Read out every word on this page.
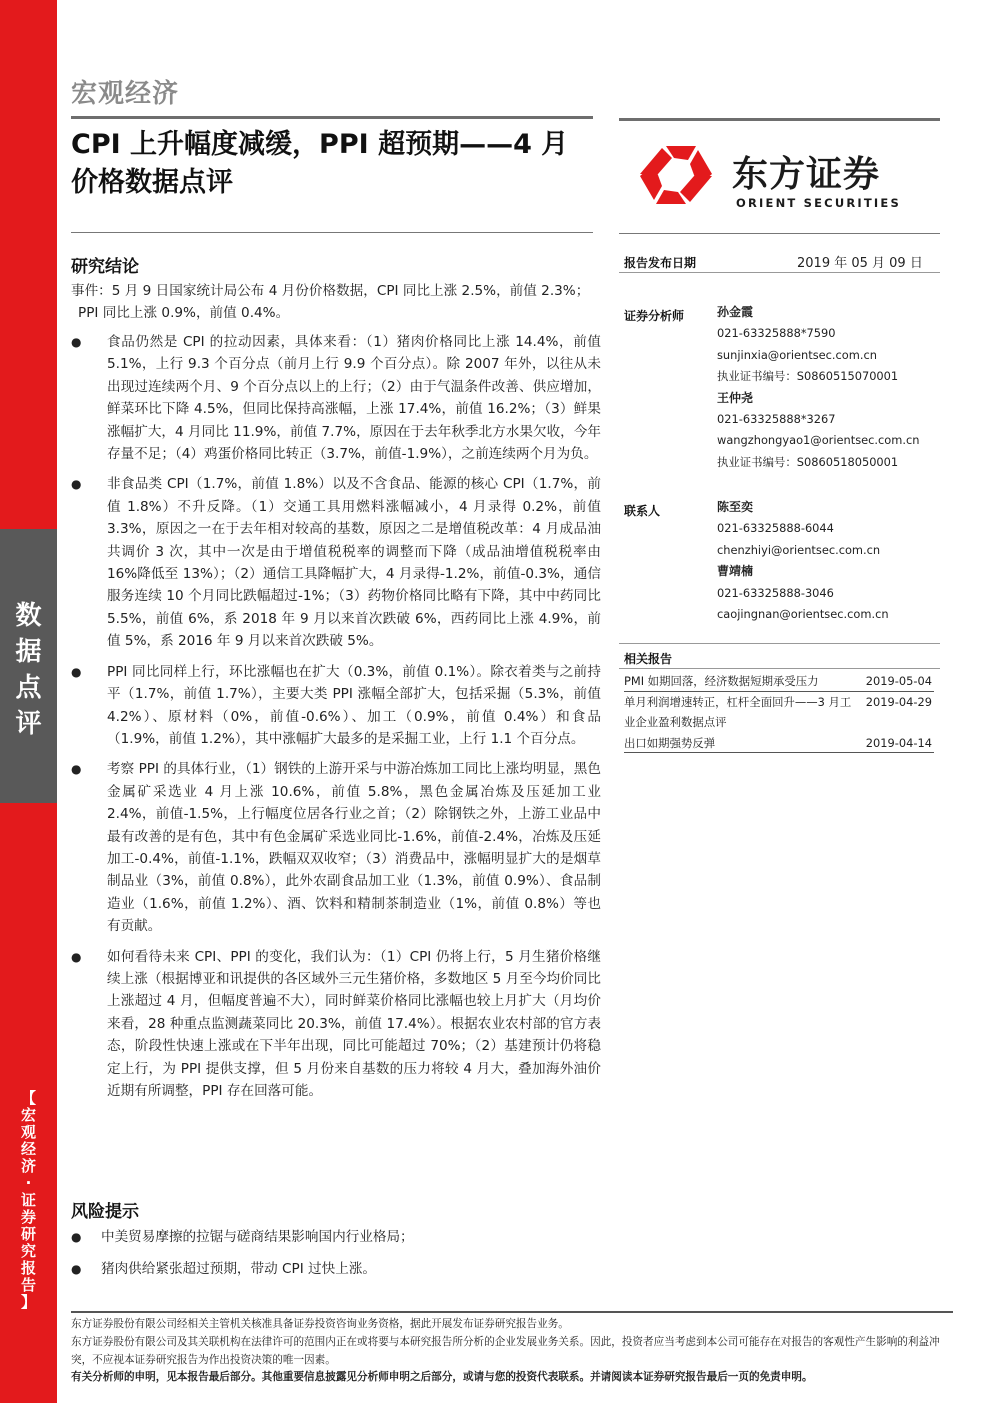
数
据
点
评
【
宏
观
经
济
·
证
券
研
究
报
告
】
宏观经济
CPI 上升幅度减缓，PPI 超预期——4 月
价格数据点评	东方证券
ORIENT SECURITIES
研究结论
事件：5 月 9 日国家统计局公布 4 月份价格数据，CPI 同比上涨 2.5%，前值 2.3%；
PPI 同比上涨 0.9%，前值 0.4%。
● 食品仍然是 CPI 的拉动因素，具体来看：（1）猪肉价格同比上涨 14.4%，前值 5.1%，上行 9.3 个百分点（前月上行 9.9 个百分点）。除 2007 年外，以往从未出现过连续两个月、9 个百分点以上的上行；（2）由于气温条件改善、供应增加，鲜菜环比下降 4.5%，但同比保持高涨幅，上涨 17.4%，前值 16.2%；（3）鲜果涨幅扩大，4 月同比 11.9%，前值 7.7%，原因在于去年秋季北方水果欠收，今年存量不足；（4）鸡蛋价格同比转正（3.7%，前值-1.9%），之前连续两个月为负。
● 非食品类 CPI（1.7%，前值 1.8%）以及不含食品、能源的核心 CPI（1.7%，前值 1.8%）不升反降。（1）交通工具用燃料涨幅减小，4 月录得 0.2%，前值 3.3%，原因之一在于去年相对较高的基数，原因之二是增值税改革：4 月成品油共调价 3 次，其中一次是由于增值税税率的调整而下降（成品油增值税税率由 16%降低至 13%）；（2）通信工具降幅扩大，4 月录得-1.2%，前值-0.3%，通信服务连续 10 个月同比跌幅超过-1%；（3）药物价格同比略有下降，其中中药同比 5.5%，前值 6%，系 2018 年 9 月以来首次跌破 6%，西药同比上涨 4.9%，前值 5%，系 2016 年 9 月以来首次跌破 5%。
● PPI 同比同样上行，环比涨幅也在扩大（0.3%，前值 0.1%）。除衣着类与之前持平（1.7%，前值 1.7%），主要大类 PPI 涨幅全部扩大，包括采掘（5.3%，前值 4.2%）、原材料（0%，前值-0.6%）、加工（0.9%，前值 0.4%）和食品（1.9%，前值 1.2%），其中涨幅扩大最多的是采掘工业，上行 1.1 个百分点。
● 考察 PPI 的具体行业，（1）钢铁的上游开采与中游冶炼加工同比上涨均明显，黑色金属矿采选业 4 月上涨 10.6%，前值 5.8%，黑色金属冶炼及压延加工业 2.4%，前值-1.5%，上行幅度位居各行业之首；（2）除钢铁之外，上游工业品中最有改善的是有色，其中有色金属矿采选业同比-1.6%，前值-2.4%，冶炼及压延加工-0.4%，前值-1.1%，跌幅双双收窄；（3）消费品中，涨幅明显扩大的是烟草制品业（3%，前值 0.8%），此外农副食品加工业（1.3%，前值 0.9%）、食品制造业（1.6%，前值 1.2%）、酒、饮料和精制茶制造业（1%，前值 0.8%）等也有贡献。
● 如何看待未来 CPI、PPI 的变化，我们认为：（1）CPI 仍将上行，5 月生猪价格继续上涨（根据博亚和讯提供的各区域外三元生猪价格，多数地区 5 月至今均价同比上涨超过 4 月，但幅度普遍不大），同时鲜菜价格同比涨幅也较上月扩大（月均价来看，28 种重点监测蔬菜同比 20.3%，前值 17.4%）。根据农业农村部的官方表态，阶段性快速上涨或在下半年出现，同比可能超过 70%；（2）基建预计仍将稳定上行，为 PPI 提供支撑，但 5 月份来自基数的压力将较 4 月大，叠加海外油价近期有所调整，PPI 存在回落可能。
风险提示
● 中美贸易摩擦的拉锯与磋商结果影响国内行业格局；
● 猪肉供给紧张超过预期，带动 CPI 过快上涨。
报告发布日期	2019 年 05 月 09 日
证券分析师	孙金霞
021-63325888*7590
sunjinxia@orientsec.com.cn
执业证书编号：S0860515070001
王仲尧
021-63325888*3267
wangzhongyao1@orientsec.com.cn
执业证书编号：S0860518050001
联系人	陈至奕
021-63325888-6044
chenzhiyi@orientsec.com.cn
曹靖楠
021-63325888-3046
caojingnan@orientsec.com.cn
相关报告
PMI 如期回落，经济数据短期承受压力	2019-05-04
单月利润增速转正，杠杆全面回升——3 月工业企业盈利数据点评
2019-04-29
出口如期强势反弹	2019-04-14
东方证券股份有限公司经相关主管机关核准具备证券投资咨询业务资格，据此开展发布证券研究报告业务。
东方证券股份有限公司及其关联机构在法律许可的范围内正在或将要与本研究报告所分析的企业发展业务关系。因此，投资者应当考虑到本公司可能存在对报告的客观性产生影响的利益冲突，不应视本证券研究报告为作出投资决策的唯一因素。
有关分析师的申明，见本报告最后部分。其他重要信息披露见分析师申明之后部分，或请与您的投资代表联系。并请阅读本证券研究报告最后一页的免责申明。
